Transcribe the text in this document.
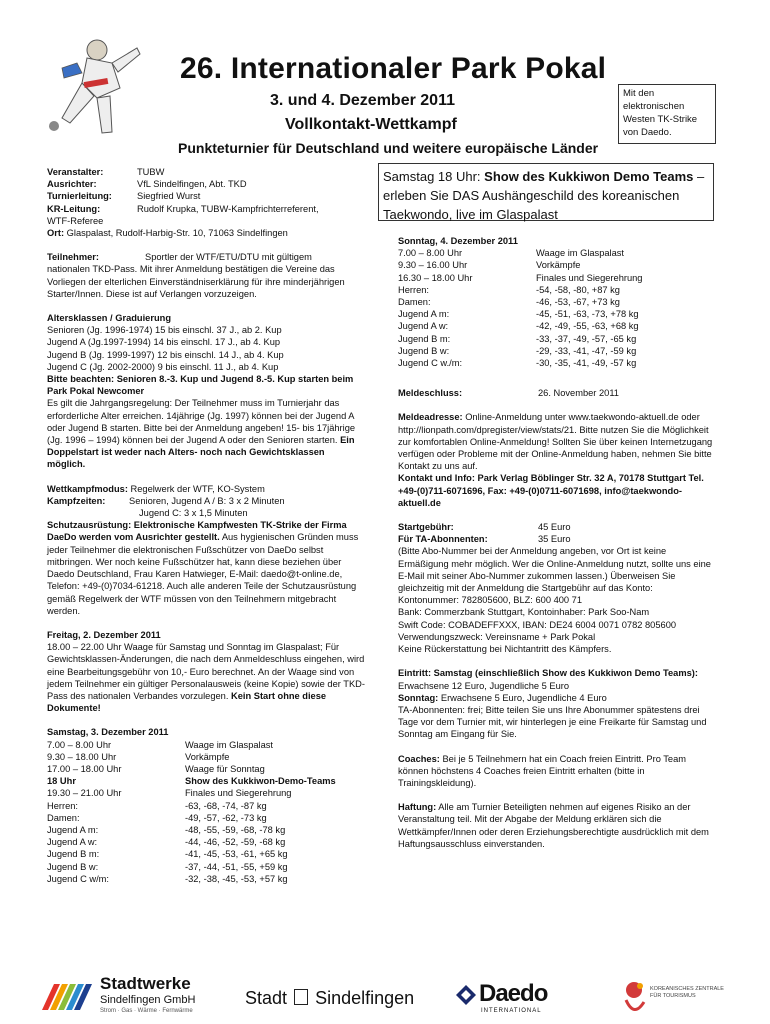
26. Internationaler Park Pokal
3. und 4. Dezember 2011
Vollkontakt-Wettkampf
Punkteturnier für Deutschland und weitere europäische Länder
Mit den elektronischen Westen TK-Strike von Daedo.
Veranstalter:	TUBW
Ausrichter:	VfL Sindelfingen, Abt. TKD
Turnierleitung:	Siegfried Wurst
KR-Leitung:	Rudolf Krupka, TUBW-Kampfrichterreferent,

WTF-Referee

Ort: Glaspalast, Rudolf-Harbig-Str. 10, 71063 Sindelfingen

Teilnehmer:	Sportler der WTF/ETU/DTU mit gültigem

nationalen TKD-Pass. Mit ihrer Anmeldung bestätigen die Vereine das Vorliegen der elterlichen Einverständniserklärung für ihre minderjährigen Starter/Innen. Diese ist auf Verlangen vorzuzeigen.

Altersklassen / Graduierung

Senioren (Jg. 1996-1974) 15 bis einschl. 37 J., ab 2. Kup

Jugend A (Jg.1997-1994) 14 bis einschl. 17 J., ab 4. Kup

Jugend B (Jg. 1999-1997) 12 bis einschl. 14 J., ab 4. Kup

Jugend C (Jg. 2002-2000) 9 bis einschl. 11 J., ab 4. Kup

Bitte beachten: Senioren 8.-3. Kup und Jugend 8.-5. Kup starten beim Park Pokal Newcomer

Es gilt die Jahrgangsregelung: Der Teilnehmer muss im Turnierjahr das erforderliche Alter erreichen. 14jährige (Jg. 1997) können bei der Jugend A oder Jugend B starten. Bitte bei der Anmeldung angeben! 15- bis 17jährige (Jg. 1996 – 1994) können bei der Jugend A oder den Senioren starten. Ein Doppelstart ist weder nach Alters- noch nach Gewichtsklassen möglich.

Wettkampfmodus: Regelwerk der WTF, KO-System

Kampfzeiten:	Senioren, Jugend A / B: 3 x 2 Minuten

Jugend C: 3 x 1,5 Minuten

Schutzausrüstung: Elektronische Kampfwesten TK-Strike der Firma DaeDo werden vom Ausrichter gestellt. Aus hygienischen Gründen muss jeder Teilnehmer die elektronischen Fußschützer von DaeDo selbst mitbringen. Wer noch keine Fußschützer hat, kann diese beziehen über Daedo Deutschland, Frau Karen Hatwieger, E-Mail: daedo@t-online.de, Telefon: +49-(0)7034-61218. Auch alle anderen Teile der Schutzausrüstung gemäß Regelwerk der WTF müssen von den Teilnehmern mitgebracht werden.

Freitag, 2. Dezember 2011

18.00 – 22.00 Uhr Waage für Samstag und Sonntag im Glaspalast; Für Gewichtsklassen-Änderungen, die nach dem Anmeldeschluss eingehen, wird eine Bearbeitungsgebühr von 10,- Euro berechnet. An der Waage sind von jedem Teilnehmer ein gültiger Personalausweis (keine Kopie) sowie der TKD-Pass des nationalen Verbandes vorzulegen. Kein Start ohne diese Dokumente!

Samstag, 3. Dezember 2011

7.00 – 8.00 Uhr	Waage im Glaspalast
9.30 – 18.00 Uhr	Vorkämpfe
17.00 – 18.00 Uhr	Waage für Sonntag
18 Uhr	Show des Kukkiwon-Demo-Teams
19.30 – 21.00 Uhr	Finales und Siegerehrung
Herren:	-63, -68, -74, -87 kg
Damen:	-49, -57, -62, -73 kg
Jugend A m:	-48, -55, -59, -68, -78 kg
Jugend A w:	-44, -46, -52, -59, -68 kg
Jugend B m:	-41, -45, -53, -61, +65 kg
Jugend B w:	-37, -44, -51, -55, +59 kg
Jugend C w/m:	-32, -38, -45, -53, +57 kg
Samstag 18 Uhr: Show des Kukkiwon Demo Teams – erleben Sie DAS Aushängeschild des koreanischen Taekwondo, live im Glaspalast

Sonntag, 4. Dezember 2011

7.00 – 8.00 Uhr	Waage im Glaspalast
9.30 – 16.00 Uhr	Vorkämpfe
16.30 – 18.00 Uhr	Finales und Siegerehrung
Herren:	-54, -58, -80, +87 kg
Damen:	-46, -53, -67, +73 kg
Jugend A m:	-45, -51, -63, -73, +78 kg
Jugend A w:	-42, -49, -55, -63, +68 kg
Jugend B m:	-33, -37, -49, -57, -65 kg
Jugend B w:	-29, -33, -41, -47, -59 kg
Jugend C w./m:	-30, -35, -41, -49, -57 kg

Meldeschluss:	26. November 2011

Meldeadresse: Online-Anmeldung unter www.taekwondo-aktuell.de oder http://lionpath.com/dpregister/view/stats/21. Bitte nutzen Sie die Möglichkeit zur komfortablen Online-Anmeldung! Sollten Sie über keinen Internetzugang verfügen oder Probleme mit der Online-Anmeldung haben, nehmen Sie bitte Kontakt zu uns auf.

Kontakt und Info: Park Verlag Böblinger Str. 32 A, 70178 Stuttgart Tel. +49-(0)711-6071696, Fax: +49-(0)0711-6071698, info@taekwondo-aktuell.de

Startgebühr:	45 Euro
Für TA-Abonnenten:	35 Euro

(Bitte Abo-Nummer bei der Anmeldung angeben, vor Ort ist keine Ermäßigung mehr möglich. Wer die Online-Anmeldung nutzt, sollte uns eine E-Mail mit seiner Abo-Nummer zukommen lassen.) Überweisen Sie gleichzeitig mit der Anmeldung die Startgebühr auf das Konto:

Kontonummer: 782805600, BLZ: 600 400 71

Bank: Commerzbank Stuttgart, Kontoinhaber: Park Soo-Nam

Swift Code: COBADEFFXXX, IBAN: DE24 6004 0071 0782 805600

Verwendungszweck: Vereinsname + Park Pokal

Keine Rückerstattung bei Nichtantritt des Kämpfers.

Eintritt: Samstag (einschließlich Show des Kukkiwon Demo Teams): Erwachsene 12 Euro, Jugendliche 5 Euro

Sonntag: Erwachsene 5 Euro, Jugendliche 4 Euro

TA-Abonnenten: frei; Bitte teilen Sie uns Ihre Abonummer spätestens drei Tage vor dem Turnier mit, wir hinterlegen je eine Freikarte für Samstag und Sonntag am Eingang für Sie.

Coaches: Bei je 5 Teilnehmern hat ein Coach freien Eintritt. Pro Team können höchstens 4 Coaches freien Eintritt erhalten (bitte in Trainingskleidung).

Haftung: Alle am Turnier Beteiligten nehmen auf eigenes Risiko an der Veranstaltung teil. Mit der Abgabe der Meldung erklären sich die Wettkämpfer/Innen oder deren Erziehungsberechtigte ausdrücklich mit dem Haftungsausschluss einverstanden.

Stadtwerke
Sindelfingen GmbH
Strom · Gas · Wärme · Fernwärme
Stadt Sindelfingen	Daedo
INTERNATIONAL
KOREANISCHES ZENTRALE
FÜR TOURISMUS
